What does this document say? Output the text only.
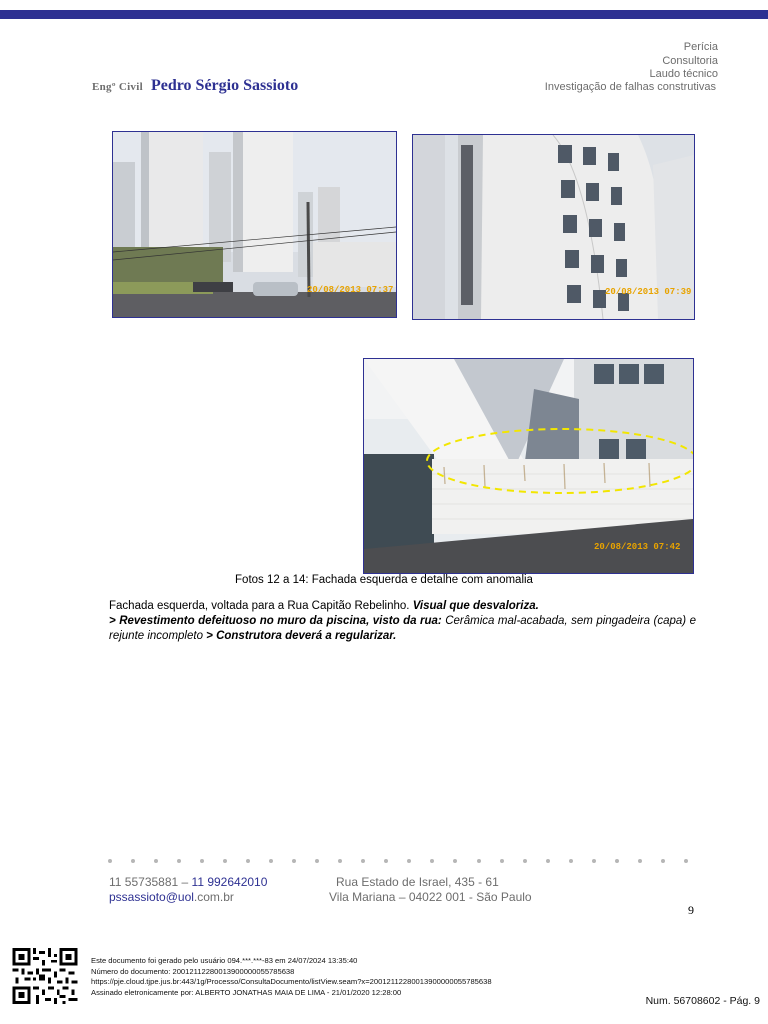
Perícia
Consultoria
Laudo técnico
Investigação de falhas construtivas
Engº Civil Pedro Sérgio Sassioto
20/08/2013 07:37	20/08/2013 07:39
20/08/2013 07:42
Fotos 12 a 14: Fachada esquerda e detalhe com anomalia
Fachada esquerda, voltada para a Rua Capitão Rebelinho. Visual que desvaloriza.
> Revestimento defeituoso no muro da piscina, visto da rua: Cerâmica mal-acabada, sem pingadeira (capa) e rejunte incompleto > Construtora deverá a regularizar.
11 55735881 – 11 992642010
pssassioto@uol.com.br
Rua Estado de Israel, 435 - 61
Vila Mariana – 04022 001 - São Paulo
9
Este documento foi gerado pelo usuário 094.***.***-83 em 24/07/2024 13:35:40
Número do documento: 20012112280013900000055785638
https://pje.cloud.tjpe.jus.br:443/1g/Processo/ConsultaDocumento/listView.seam?x=20012112280013900000055785638
Assinado eletronicamente por: ALBERTO JONATHAS MAIA DE LIMA - 21/01/2020 12:28:00
Num. 56708602 - Pág. 9
